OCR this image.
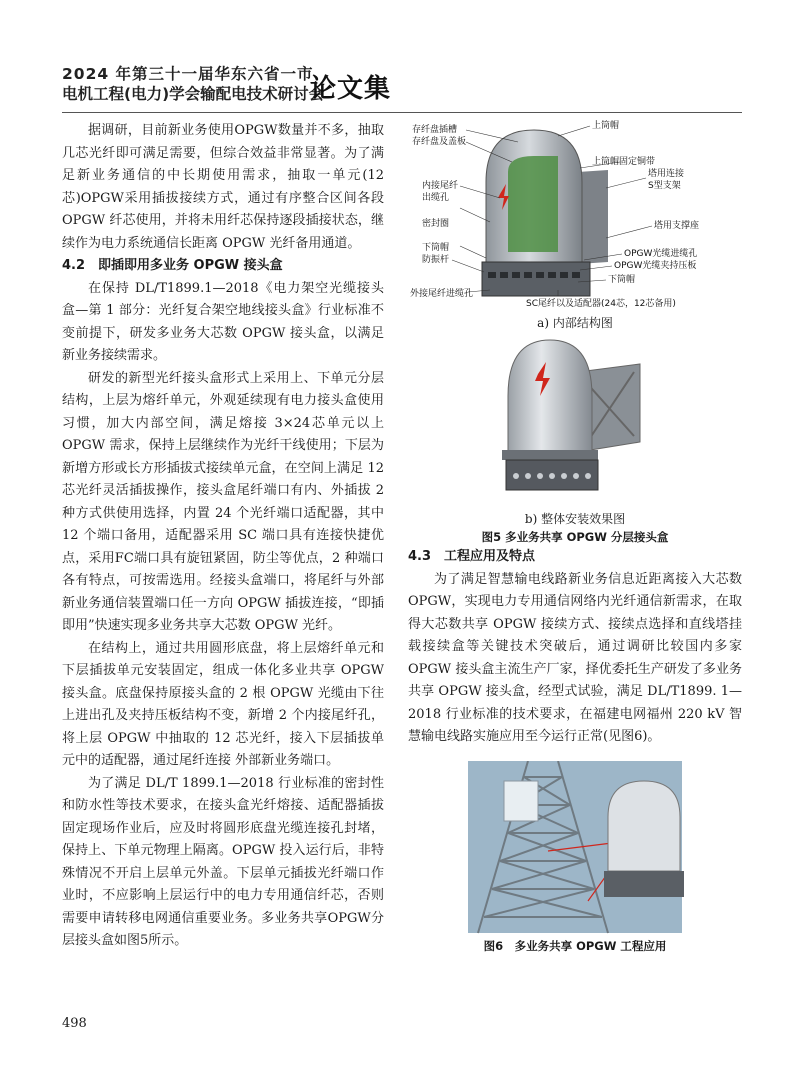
2024 年第三十一届华东六省一市
电机工程(电力)学会输配电技术研讨会
论文集

据调研，目前新业务使用OPGW数量并不多，抽取几芯光纤即可满足需要，但综合效益非常显著。为了满足新业务通信的中长期使用需求，抽取一单元(12 芯)OPGW采用插拔接续方式，通过有序整合区间各段 OPGW 纤芯使用，并将未用纤芯保持逐段插接状态，继续作为电力系统通信长距离 OPGW 光纤备用通道。

4.2　即插即用多业务 OPGW 接头盒

在保持 DL/T1899.1—2018《电力架空光缆接头盒—第 1 部分：光纤复合架空地线接头盒》行业标准不变前提下，研发多业务大芯数 OPGW 接头盒，以满足新业务接续需求。

研发的新型光纤接头盒形式上采用上、下单元分层结构，上层为熔纤单元，外观延续现有电力接头盒使用习惯，加大内部空间，满足熔接 3×24芯单元以上 OPGW 需求，保持上层继续作为光纤干线使用；下层为新增方形或长方形插拔式接续单元盒，在空间上满足 12 芯光纤灵活插拔操作，接头盒尾纤端口有内、外插拔 2 种方式供使用选择，内置 24 个光纤端口适配器，其中 12 个端口备用，适配器采用 SC 端口具有连接快捷优点，采用FC端口具有旋钮紧固，防尘等优点，2 种端口各有特点，可按需选用。经接头盒端口，将尾纤与外部新业务通信装置端口任一方向 OPGW 插拔连接，“即插即用”快速实现多业务共享大芯数 OPGW 光纤。

在结构上，通过共用圆形底盘，将上层熔纤单元和下层插拔单元安装固定，组成一体化多业共享 OPGW 接头盒。底盘保持原接头盒的 2 根 OPGW 光缆由下往上进出孔及夹持压板结构不变，新增 2 个内接尾纤孔，将上层 OPGW 中抽取的 12 芯光纤，接入下层插拔单元中的适配器，通过尾纤连接 外部新业务端口。

为了满足 DL/T 1899.1—2018 行业标准的密封性和防水性等技术要求，在接头盒光纤熔接、适配器插拔固定现场作业后，应及时将圆形底盘光缆连接孔封堵，保持上、下单元物理上隔离。OPGW 投入运行后，非特殊情况不开启上层单元外盖。下层单元插拔光纤端口作业时，不应影响上层运行中的电力专用通信纤芯，否则需要申请转移电网通信重要业务。多业务共享OPGW分层接头盒如图5所示。

存纤盘插槽
存纤盘及盖板
内接尾纤
出缆孔
密封圈
下筒帽
防振杆
外接尾纤进缆孔
上筒帽
上筒帽固定铜带
塔用连接
S型支架
塔用支撑座
OPGW光缆进缆孔
OPGW光缆夹持压板
下筒帽
SC尾纤以及适配器(24芯，12芯备用)
a) 内部结构图
b) 整体安装效果图
图5 多业务共享 OPGW 分层接头盒
4.3　工程应用及特点

为了满足智慧输电线路新业务信息近距离接入大芯数OPGW，实现电力专用通信网络内光纤通信新需求，在取得大芯数共享 OPGW 接续方式、接续点选择和直线塔挂载接续盒等关键技术突破后，通过调研比较国内多家OPGW 接头盒主流生产厂家，择优委托生产研发了多业务共享 OPGW 接头盒，经型式试验，满足 DL/T1899. 1—2018 行业标准的技术要求，在福建电网福州 220 kV 智慧输电线路实施应用至今运行正常(见图6)。

图6　多业务共享 OPGW 工程应用
498
